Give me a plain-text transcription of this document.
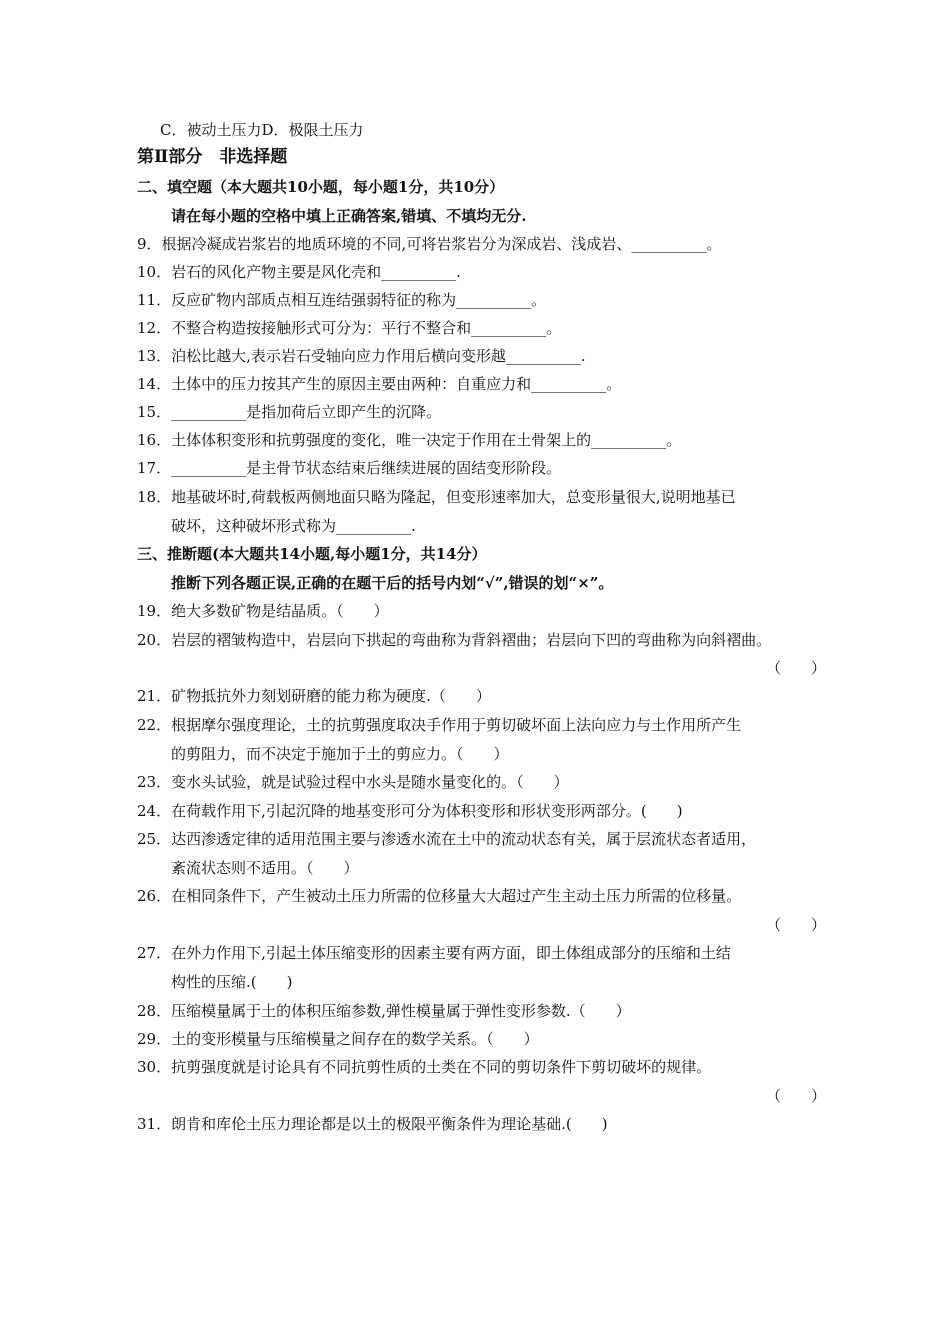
C．被动土压力D．极限土压力
第Ⅱ部分　非选择题
二、填空题（本大题共10小题，每小题1分，共10分）
请在每小题的空格中填上正确答案,错填、不填均无分.
9．根据冷凝成岩浆岩的地质环境的不同,可将岩浆岩分为深成岩、浅成岩、__________。
10．岩石的风化产物主要是风化壳和__________.
11．反应矿物内部质点相互连结强弱特征的称为__________。
12．不整合构造按接触形式可分为：平行不整合和__________。
13．泊松比越大,表示岩石受轴向应力作用后横向变形越__________.
14．土体中的压力按其产生的原因主要由两种：自重应力和__________。
15．__________是指加荷后立即产生的沉降。
16．土体体积变形和抗剪强度的变化，唯一决定于作用在土骨架上的__________。
17．__________是主骨节状态结束后继续进展的固结变形阶段。
18．地基破坏时,荷载板两侧地面只略为隆起，但变形速率加大，总变形量很大,说明地基已
破坏，这种破坏形式称为__________.
三、推断题(本大题共14小题,每小题1分，共14分）
推断下列各题正误,正确的在题干后的括号内划“√”,错误的划“×”。
19．绝大多数矿物是结晶质。（　　）
20．岩层的褶皱构造中，岩层向下拱起的弯曲称为背斜褶曲；岩层向下凹的弯曲称为向斜褶曲。
（　　）
21．矿物抵抗外力刻划研磨的能力称为硬度.（　　）
22．根据摩尔强度理论，土的抗剪强度取决手作用于剪切破坏面上法向应力与土作用所产生
的剪阻力，而不决定于施加于土的剪应力。（　　）
23．变水头试验，就是试验过程中水头是随水量变化的。（　　）
24．在荷载作用下,引起沉降的地基变形可分为体积变形和形状变形两部分。(　　)
25．达西渗透定律的适用范围主要与渗透水流在土中的流动状态有关，属于层流状态者适用，
紊流状态则不适用。（　　）
26．在相同条件下，产生被动土压力所需的位移量大大超过产生主动土压力所需的位移量。
（　　）
27．在外力作用下,引起土体压缩变形的因素主要有两方面，即土体组成部分的压缩和土结
构性的压缩.(　　)
28．压缩模量属于土的体积压缩参数,弹性模量属于弹性变形参数.（　　）
29．土的变形模量与压缩模量之间存在的数学关系。（　　）
30．抗剪强度就是讨论具有不同抗剪性质的土类在不同的剪切条件下剪切破坏的规律。
（　　）
31．朗肯和库伦土压力理论都是以土的极限平衡条件为理论基础.(　　)
